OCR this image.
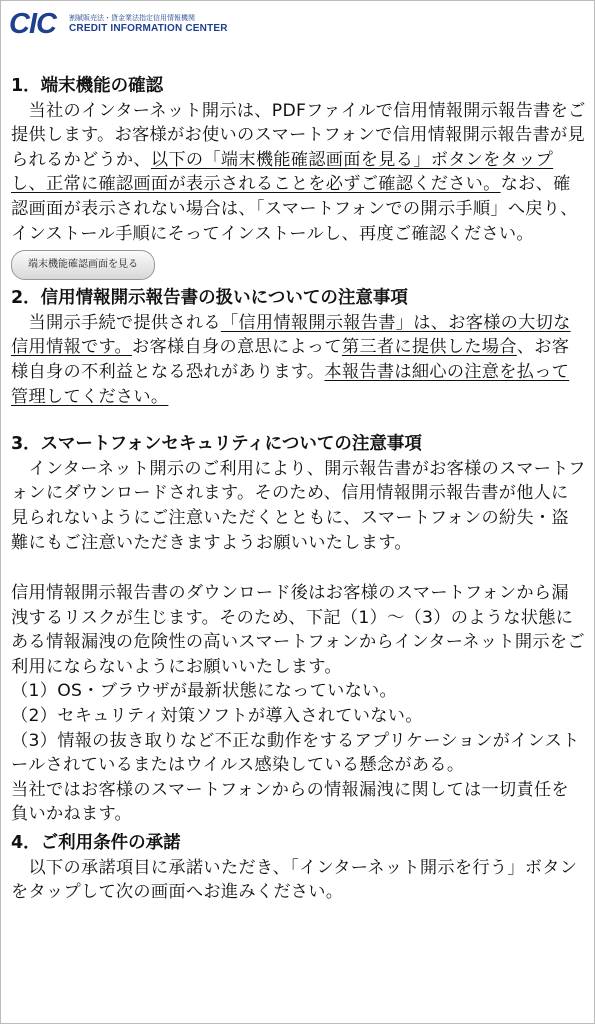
CIC 割賦販売法・貸金業法指定信用情報機関
CREDIT INFORMATION CENTER
1．端末機能の確認

　当社のインターネット開示は、PDFファイルで信用情報開示報告書をご提供します。お客様がお使いのスマートフォンで信用情報開示報告書が見られるかどうか、以下の「端末機能確認画面を見る」ボタンをタップし、正常に確認画面が表示されることを必ずご確認ください。なお、確認画面が表示されない場合は、「スマートフォンでの開示手順」へ戻り、インストール手順にそってインストールし、再度ご確認ください。

端末機能確認画面を見る
2．信用情報開示報告書の扱いについての注意事項

　当開示手続で提供される「信用情報開示報告書」は、お客様の大切な信用情報です。お客様自身の意思によって第三者に提供した場合、お客様自身の不利益となる恐れがあります。本報告書は細心の注意を払って管理してください。

3．スマートフォンセキュリティについての注意事項

　インターネット開示のご利用により、開示報告書がお客様のスマートフォンにダウンロードされます。そのため、信用情報開示報告書が他人に見られないようにご注意いただくとともに、スマートフォンの紛失・盗難にもご注意いただきますようお願いいたします。

信用情報開示報告書のダウンロード後はお客様のスマートフォンから漏洩するリスクが生じます。そのため、下記（1）～（3）のような状態にある情報漏洩の危険性の高いスマートフォンからインターネット開示をご利用にならないようにお願いいたします。

（1）OS・ブラウザが最新状態になっていない。

（2）セキュリティ対策ソフトが導入されていない。

（3）情報の抜き取りなど不正な動作をするアプリケーションがインストールされているまたはウイルス感染している懸念がある。

当社ではお客様のスマートフォンからの情報漏洩に関しては一切責任を負いかねます。

4．ご利用条件の承諾

　以下の承諾項目に承諾いただき、「インターネット開示を行う」ボタンをタップして次の画面へお進みください。
